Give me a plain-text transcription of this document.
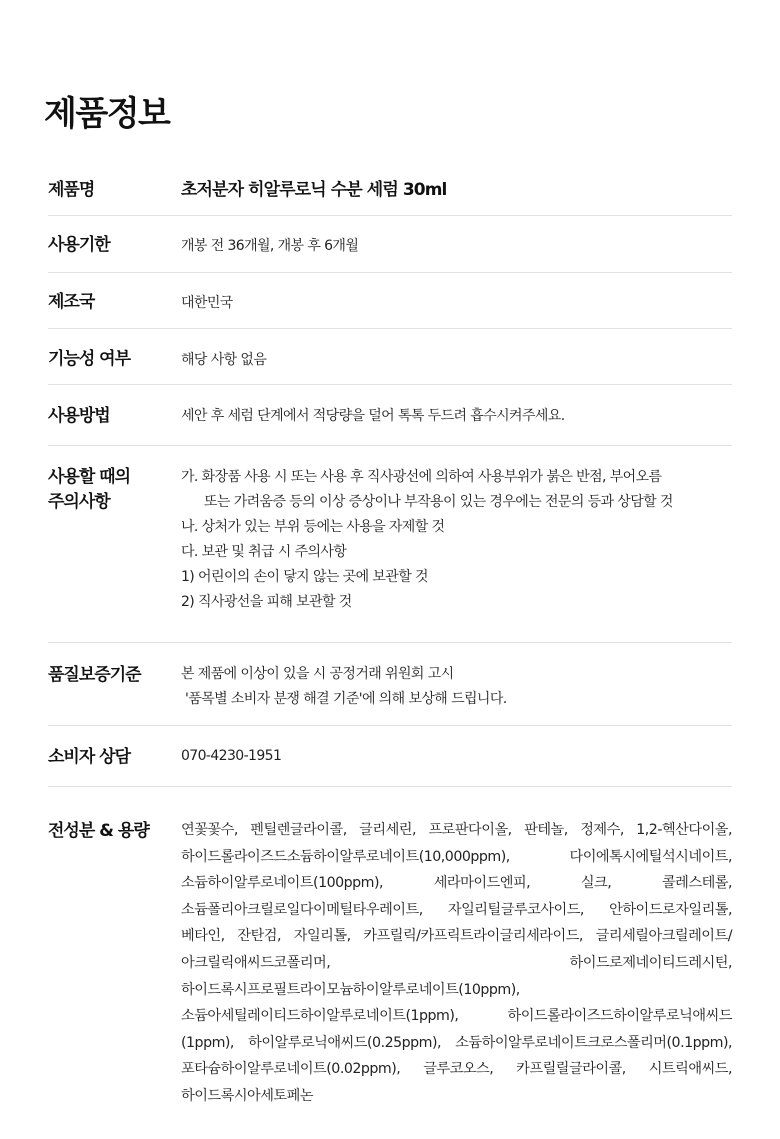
제품정보
제품명	초저분자 히알루로닉 수분 세럼 30ml
사용기한	개봉 전 36개월, 개봉 후 6개월
제조국	대한민국
기능성 여부	해당 사항 없음
사용방법	세안 후 세럼 단계에서 적당량을 덜어 톡톡 두드려 흡수시켜주세요.
사용할 때의
주의사항
가. 화장품 사용 시 또는 사용 후 직사광선에 의하여 사용부위가 붉은 반점, 부어오름
또는 가려움증 등의 이상 증상이나 부작용이 있는 경우에는 전문의 등과 상담할 것
나. 상처가 있는 부위 등에는 사용을 자제할 것
다. 보관 및 취급 시 주의사항
1) 어린이의 손이 닿지 않는 곳에 보관할 것
2) 직사광선을 피해 보관할 것
품질보증기준	본 제품에 이상이 있을 시 공정거래 위원회 고시
'품목별 소비자 분쟁 해결 기준'에 의해 보상해 드립니다.
소비자 상담	070-4230-1951
전성분 & 용량 연꽃꽃수, 펜틸렌글라이콜, 글리세린, 프로판다이올, 판테놀, 정제수, 1,2-헥산다이올, 하이드롤라이즈드소듐하이알루로네이트(10,000ppm), 다이에톡시에틸석시네이트, 소듐하이알루로네이트(100ppm), 세라마이드엔피, 실크, 콜레스테롤, 소듐폴리아크릴로일다이메틸타우레이트, 자일리틸글루코사이드, 안하이드로자일리톨, 베타인, 잔탄검, 자일리톨, 카프릴릭/카프릭트라이글리세라이드, 글리세릴아크릴레이트/아크릴릭애씨드코폴리머, 하이드로제네이티드레시틴, 하이드록시프로필트라이모늄하이알루로네이트(10ppm), 소듐아세틸레이티드하이알루로네이트(1ppm), 하이드롤라이즈드하이알루로닉애씨드(1ppm), 하이알루로닉애씨드(0.25ppm), 소듐하이알루로네이트크로스폴리머(0.1ppm), 포타슘하이알루로네이트(0.02ppm), 글루코오스, 카프릴릴글라이콜, 시트릭애씨드, 하이드록시아세토페논
